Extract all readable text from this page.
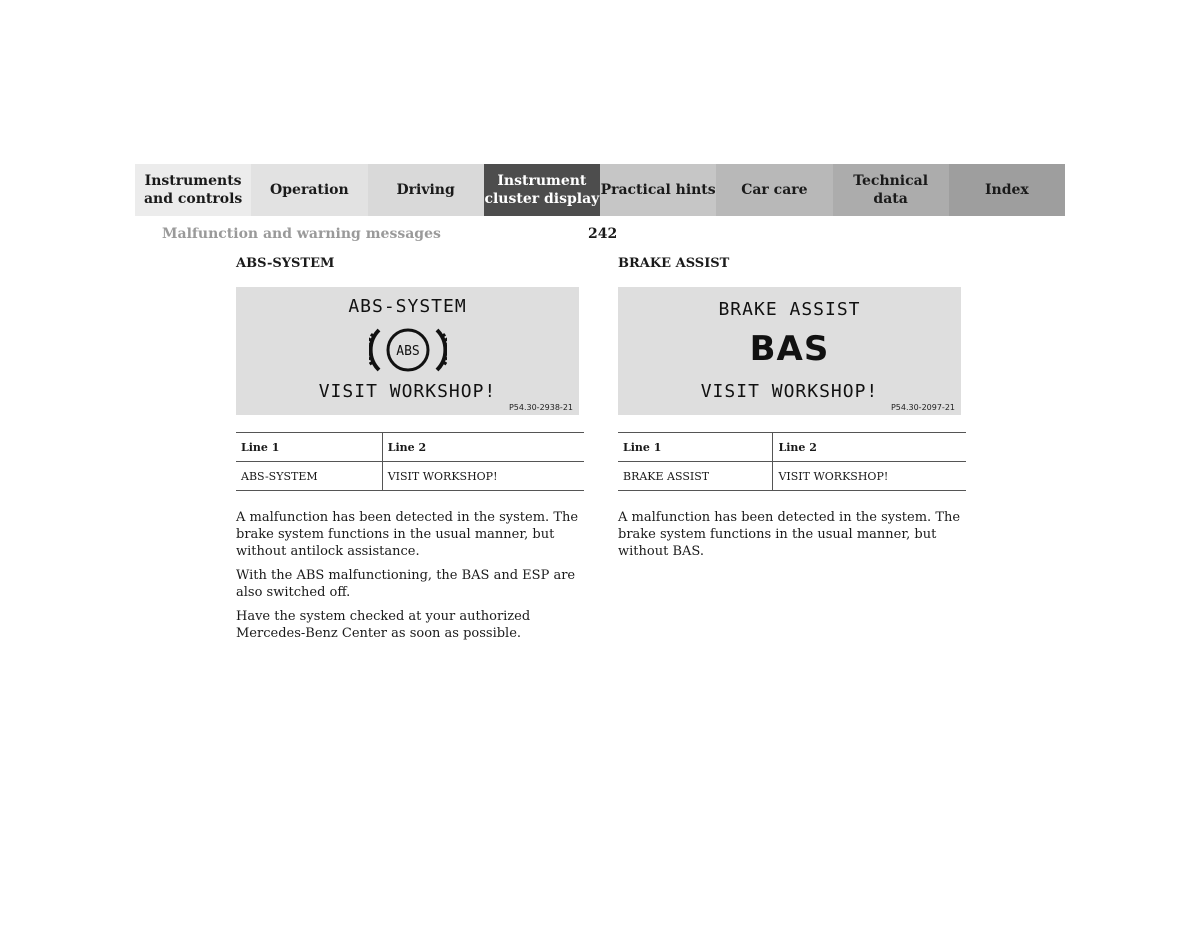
Instruments
and controls
Operation	Driving
Instrument
cluster display
Practical hints	Car care
Technical
data
Index
Malfunction and warning messages	242
ABS-SYSTEM
ABS-SYSTEM
ABS
VISIT WORKSHOP!
P54.30-2938-21
Line 1	Line 2
ABS-SYSTEM	VISIT WORKSHOP!

A malfunction has been detected in the system. The brake system functions in the usual manner, but without antilock assistance.

With the ABS malfunctioning, the BAS and ESP are also switched off.

Have the system checked at your authorized Mercedes-Benz Center as soon as possible.

BRAKE ASSIST
BRAKE ASSIST
BAS
VISIT WORKSHOP!
P54.30-2097-21
Line 1	Line 2
BRAKE ASSIST	VISIT WORKSHOP!

A malfunction has been detected in the system. The brake system functions in the usual manner, but without BAS.
